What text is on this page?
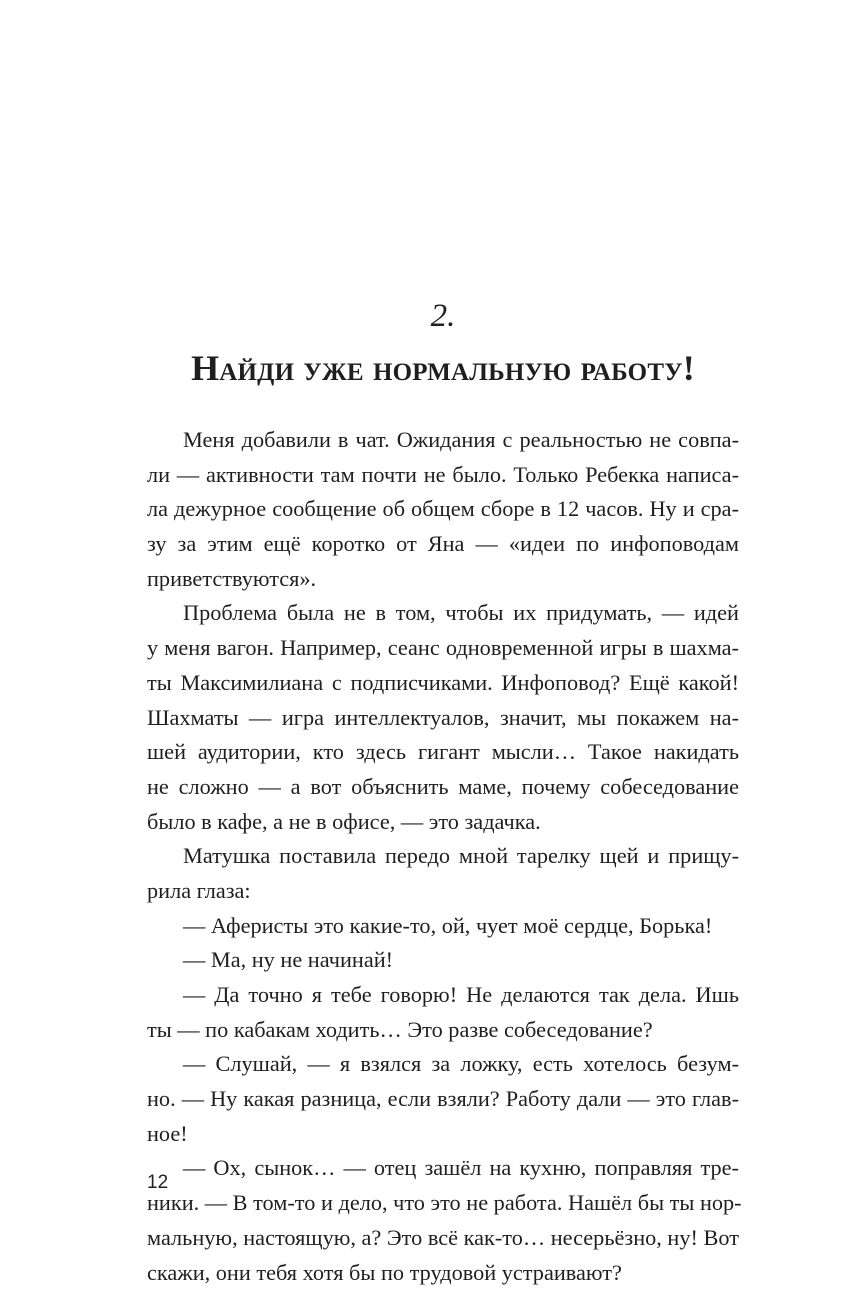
2.
Найди уже нормальную работу!
Меня добавили в чат. Ожидания с реальностью не совпа-
ли — активности там почти не было. Только Ребекка написа-
ла дежурное сообщение об общем сборе в 12 часов. Ну и сра-
зу за этим ещё коротко от Яна — «идеи по инфоповодам
приветствуются».
Проблема была не в том, чтобы их придумать, — идей
у меня вагон. Например, сеанс одновременной игры в шахма-
ты Максимилиана с подписчиками. Инфоповод? Ещё какой!
Шахматы — игра интеллектуалов, значит, мы покажем на-
шей аудитории, кто здесь гигант мысли… Такое накидать
не сложно — а вот объяснить маме, почему собеседование
было в кафе, а не в офисе, — это задачка.
Матушка поставила передо мной тарелку щей и прищу-
рила глаза:
— Аферисты это какие-то, ой, чует моё сердце, Борька!
— Ма, ну не начинай!
— Да точно я тебе говорю! Не делаются так дела. Ишь
ты — по кабакам ходить… Это разве собеседование?
— Слушай, — я взялся за ложку, есть хотелось безум-
но. — Ну какая разница, если взяли? Работу дали — это глав-
ное!
— Ох, сынок… — отец зашёл на кухню, поправляя тре-
ники. — В том-то и дело, что это не работа. Нашёл бы ты нор-
мальную, настоящую, а? Это всё как-то… несерьёзно, ну! Вот
скажи, они тебя хотя бы по трудовой устраивают?
12
